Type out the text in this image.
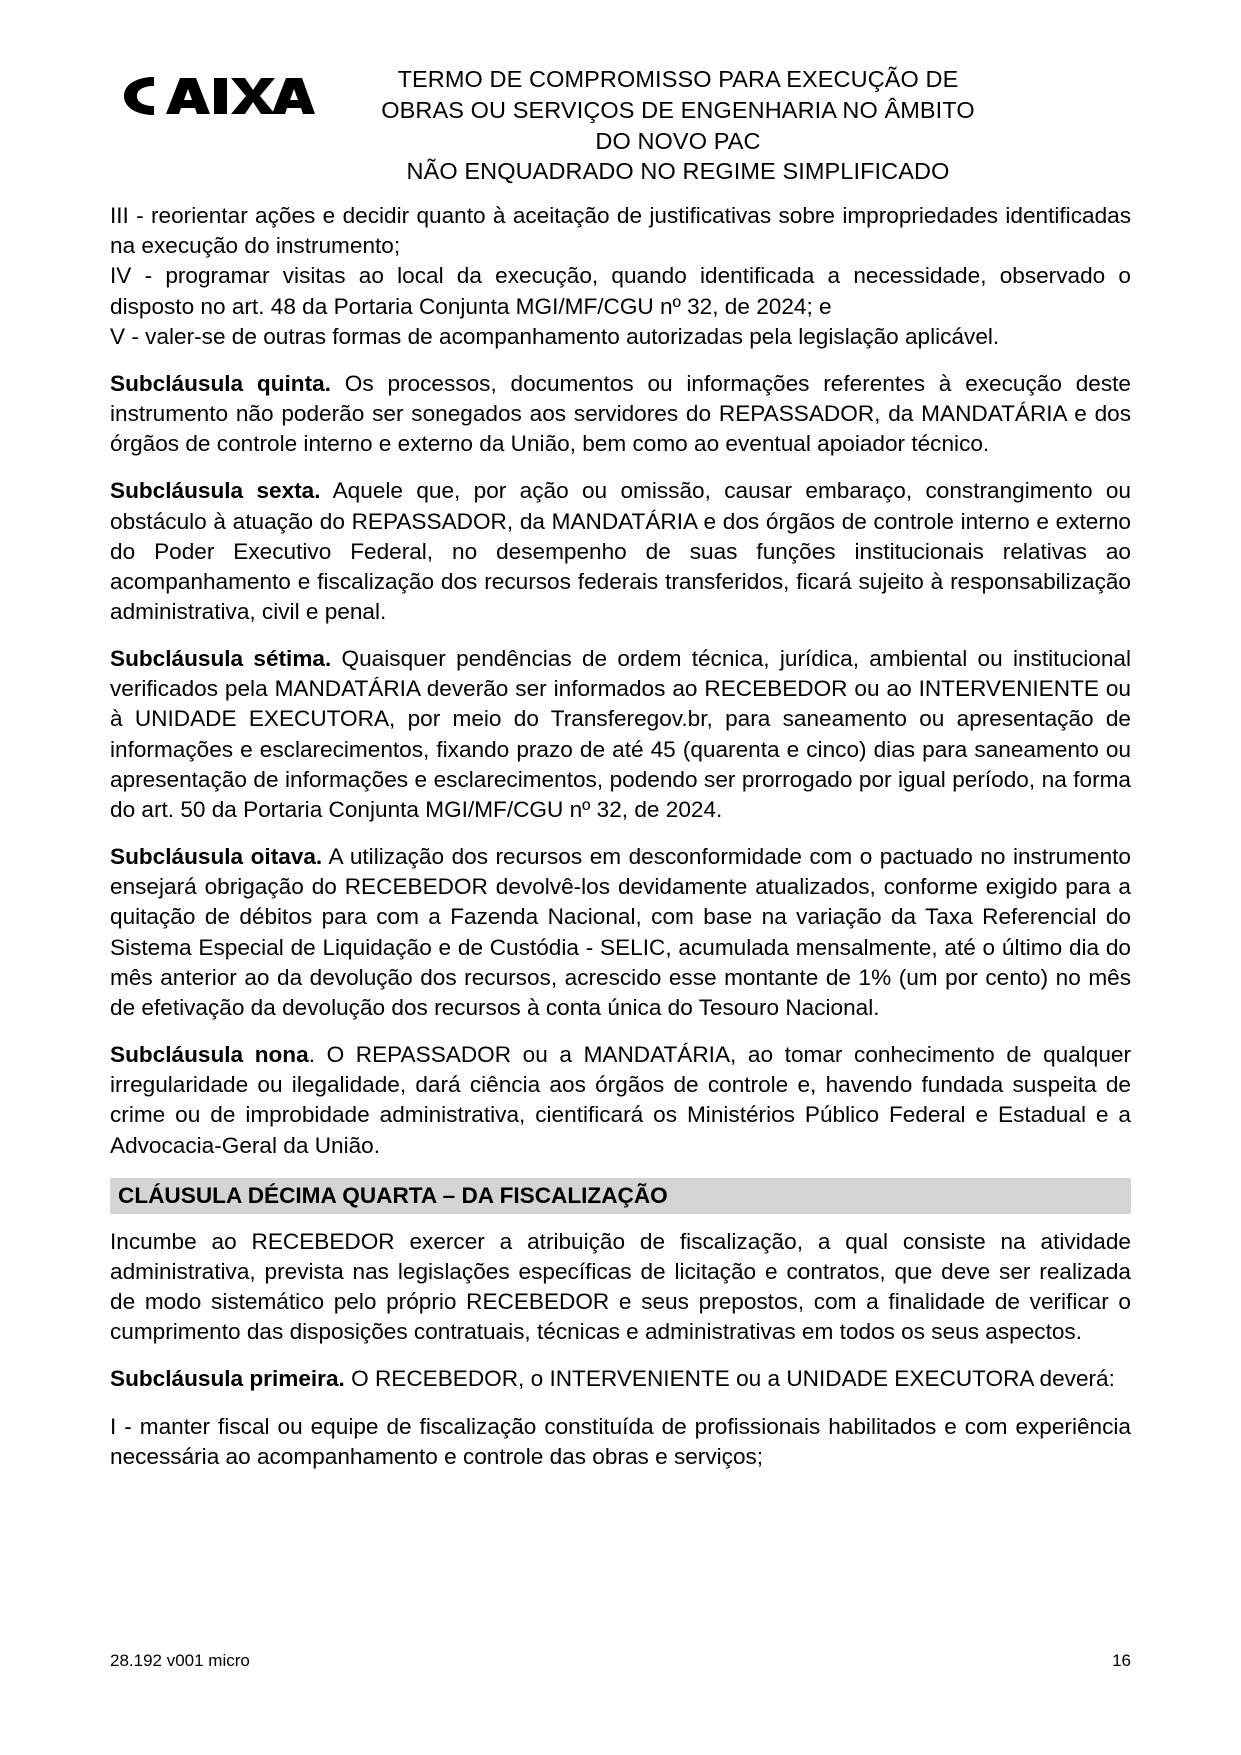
TERMO DE COMPROMISSO PARA EXECUÇÃO DE
OBRAS OU SERVIÇOS DE ENGENHARIA NO ÂMBITO
DO NOVO PAC
NÃO ENQUADRADO NO REGIME SIMPLIFICADO

III - reorientar ações e decidir quanto à aceitação de justificativas sobre impropriedades identificadas na execução do instrumento;

IV - programar visitas ao local da execução, quando identificada a necessidade, observado o disposto no art. 48 da Portaria Conjunta MGI/MF/CGU nº 32, de 2024; e

V - valer-se de outras formas de acompanhamento autorizadas pela legislação aplicável.

Subcláusula quinta. Os processos, documentos ou informações referentes à execução deste instrumento não poderão ser sonegados aos servidores do REPASSADOR, da MANDATÁRIA e dos órgãos de controle interno e externo da União, bem como ao eventual apoiador técnico.

Subcláusula sexta. Aquele que, por ação ou omissão, causar embaraço, constrangimento ou obstáculo à atuação do REPASSADOR, da MANDATÁRIA e dos órgãos de controle interno e externo do Poder Executivo Federal, no desempenho de suas funções institucionais relativas ao acompanhamento e fiscalização dos recursos federais transferidos, ficará sujeito à responsabilização administrativa, civil e penal.

Subcláusula sétima. Quaisquer pendências de ordem técnica, jurídica, ambiental ou institucional verificados pela MANDATÁRIA deverão ser informados ao RECEBEDOR ou ao INTERVENIENTE ou à UNIDADE EXECUTORA, por meio do Transferegov.br, para saneamento ou apresentação de informações e esclarecimentos, fixando prazo de até 45 (quarenta e cinco) dias para saneamento ou apresentação de informações e esclarecimentos, podendo ser prorrogado por igual período, na forma do art. 50 da Portaria Conjunta MGI/MF/CGU nº 32, de 2024.

Subcláusula oitava. A utilização dos recursos em desconformidade com o pactuado no instrumento ensejará obrigação do RECEBEDOR devolvê-los devidamente atualizados, conforme exigido para a quitação de débitos para com a Fazenda Nacional, com base na variação da Taxa Referencial do Sistema Especial de Liquidação e de Custódia - SELIC, acumulada mensalmente, até o último dia do mês anterior ao da devolução dos recursos, acrescido esse montante de 1% (um por cento) no mês de efetivação da devolução dos recursos à conta única do Tesouro Nacional.

Subcláusula nona. O REPASSADOR ou a MANDATÁRIA, ao tomar conhecimento de qualquer irregularidade ou ilegalidade, dará ciência aos órgãos de controle e, havendo fundada suspeita de crime ou de improbidade administrativa, cientificará os Ministérios Público Federal e Estadual e a Advocacia-Geral da União.

CLÁUSULA DÉCIMA QUARTA – DA FISCALIZAÇÃO

Incumbe ao RECEBEDOR exercer a atribuição de fiscalização, a qual consiste na atividade administrativa, prevista nas legislações específicas de licitação e contratos, que deve ser realizada de modo sistemático pelo próprio RECEBEDOR e seus prepostos, com a finalidade de verificar o cumprimento das disposições contratuais, técnicas e administrativas em todos os seus aspectos.

Subcláusula primeira. O RECEBEDOR, o INTERVENIENTE ou a UNIDADE EXECUTORA deverá:

I - manter fiscal ou equipe de fiscalização constituída de profissionais habilitados e com experiência necessária ao acompanhamento e controle das obras e serviços;

28.192 v001 micro	16
